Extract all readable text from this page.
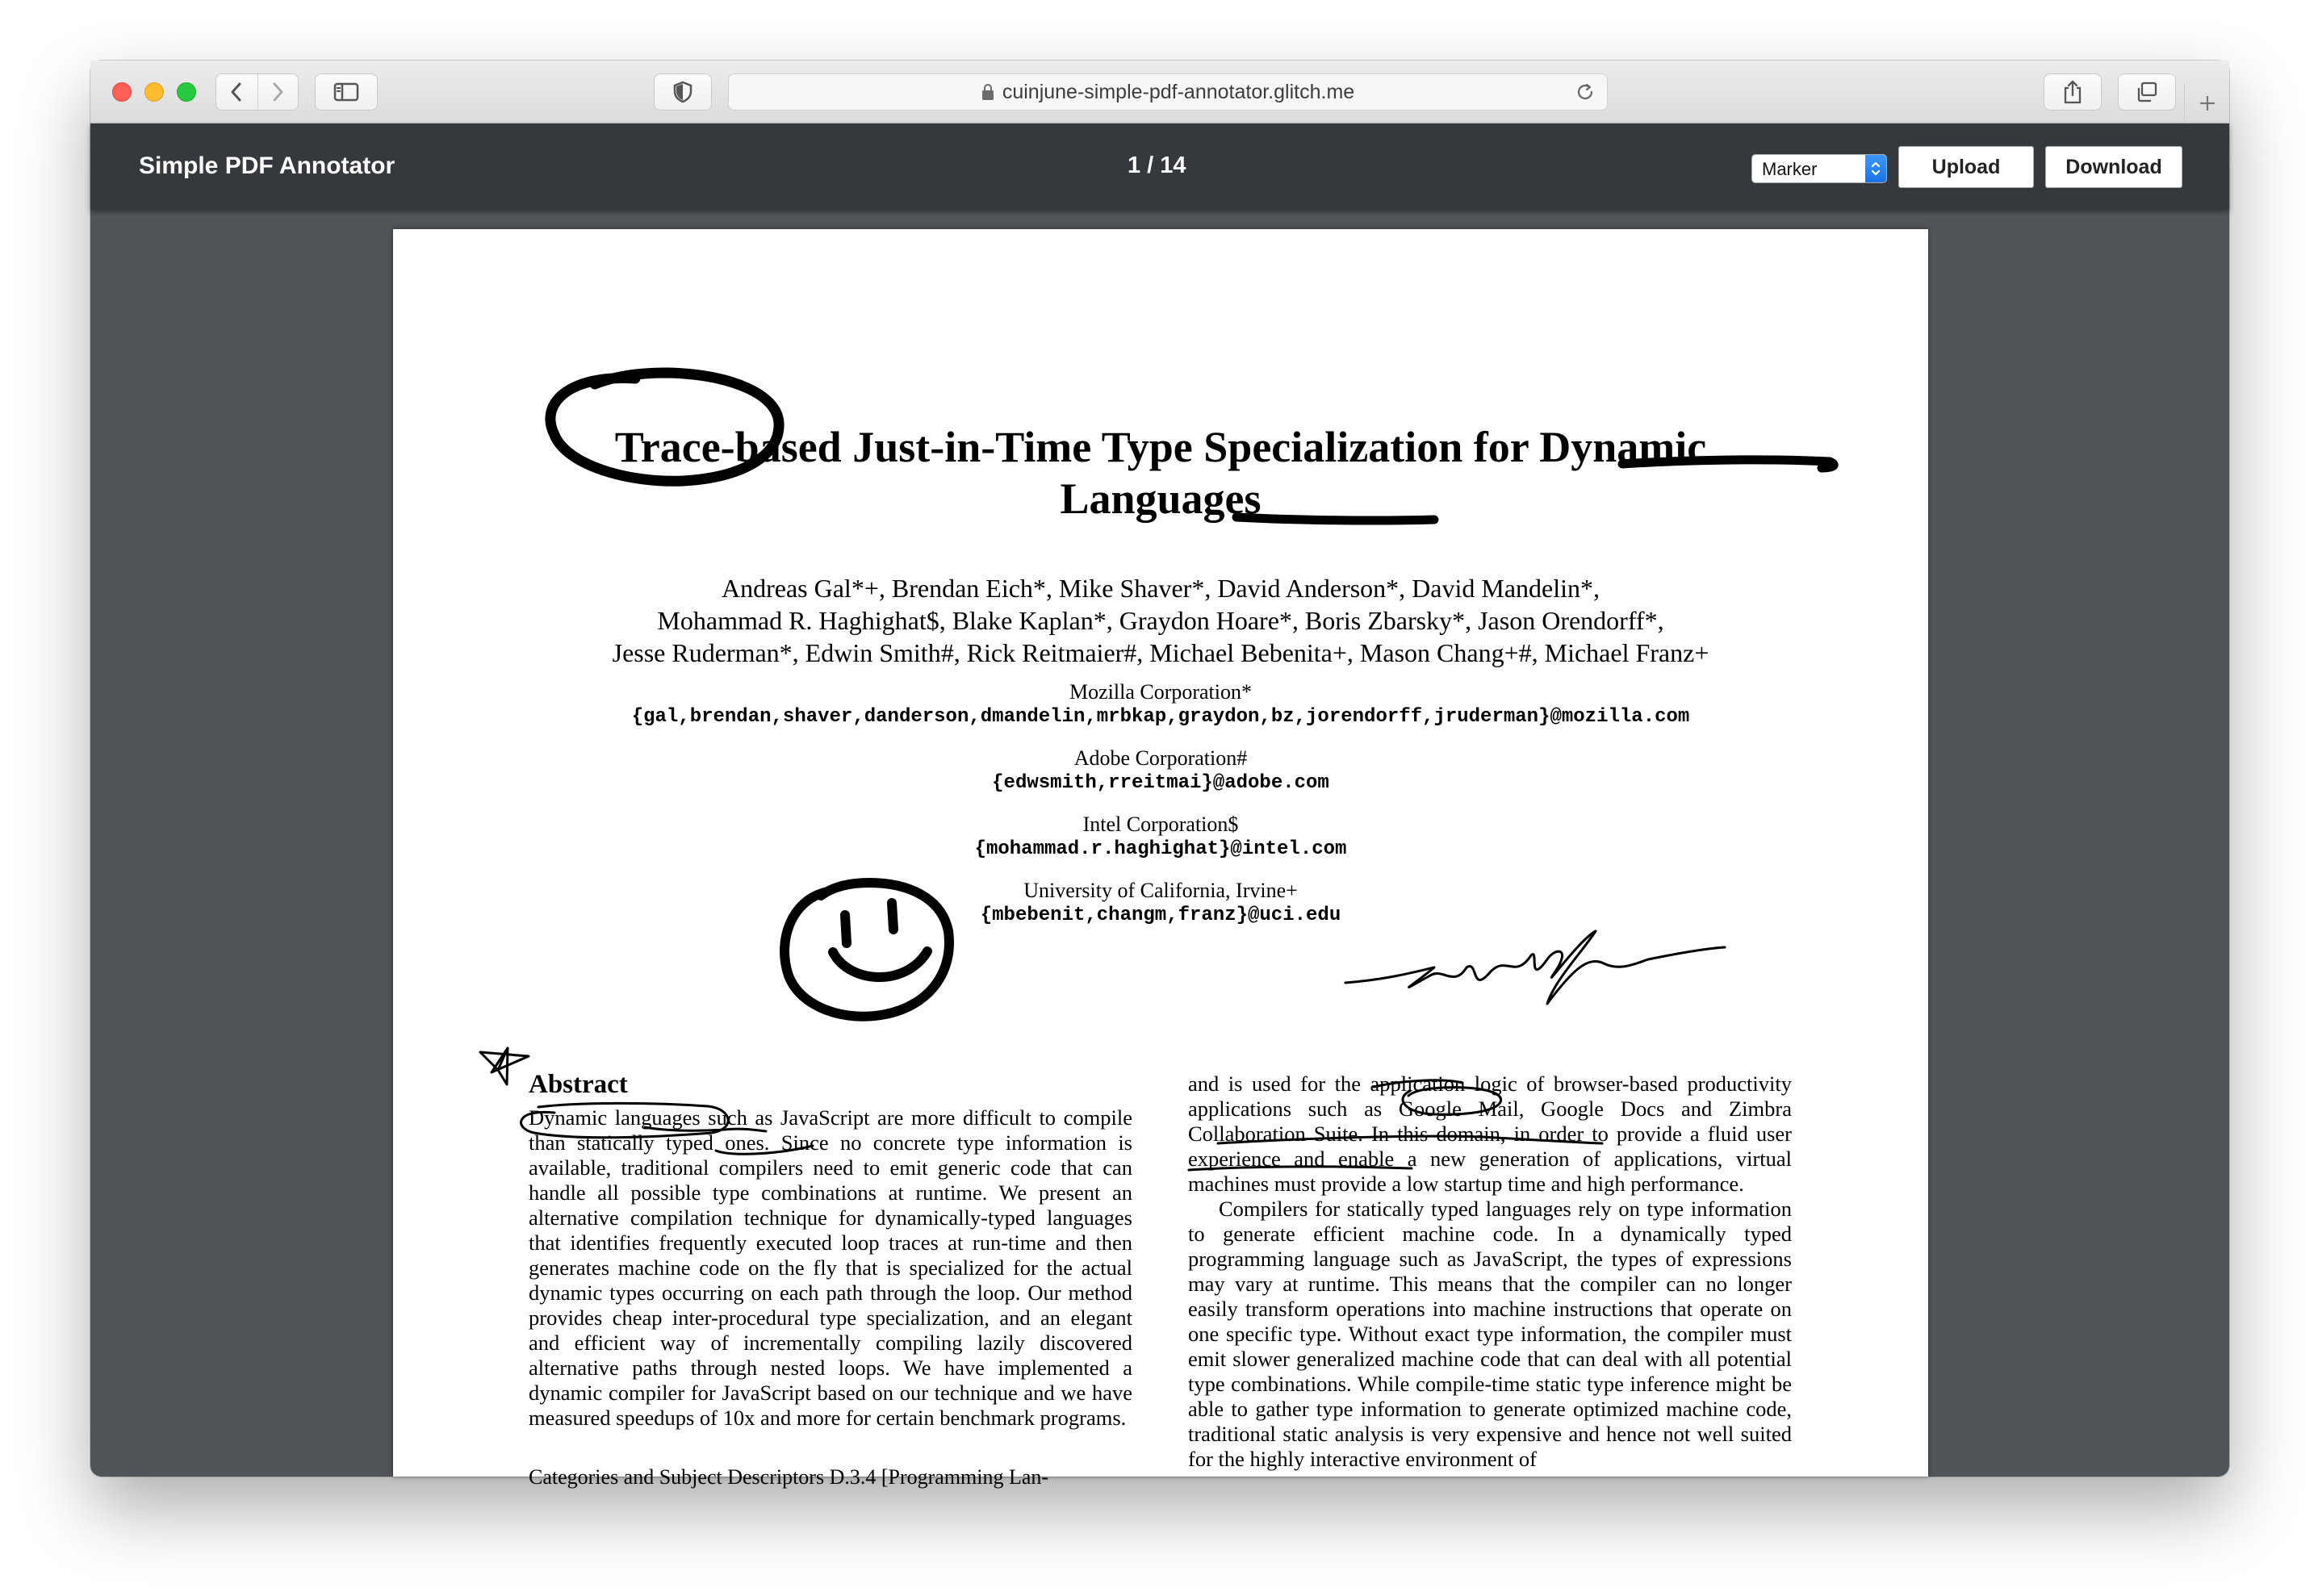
cuinjune-simple-pdf-annotator.glitch.me
Simple PDF Annotator	1 / 14	Marker	Upload	Download
Trace-based Just-in-Time Type Specialization for Dynamic
Languages
Andreas Gal*+, Brendan Eich*, Mike Shaver*, David Anderson*, David Mandelin*,
Mohammad R. Haghighat$, Blake Kaplan*, Graydon Hoare*, Boris Zbarsky*, Jason Orendorff*,
Jesse Ruderman*, Edwin Smith#, Rick Reitmaier#, Michael Bebenita+, Mason Chang+#, Michael Franz+
Mozilla Corporation*
{gal,brendan,shaver,danderson,dmandelin,mrbkap,graydon,bz,jorendorff,jruderman}@mozilla.com
Adobe Corporation#
{edwsmith,rreitmai}@adobe.com
Intel Corporation$
{mohammad.r.haghighat}@intel.com
University of California, Irvine+
{mbebenit,changm,franz}@uci.edu
Abstract

Dynamic languages such as JavaScript are more difficult to compile than statically typed ones. Since no concrete type information is available, traditional compilers need to emit generic code that can handle all possible type combinations at runtime. We present an alternative compilation technique for dynamically-typed languages that identifies frequently executed loop traces at run-time and then generates machine code on the fly that is specialized for the actual dynamic types occurring on each path through the loop. Our method provides cheap inter-procedural type specialization, and an elegant and efficient way of incrementally compiling lazily discovered alternative paths through nested loops. We have implemented a dynamic compiler for JavaScript based on our technique and we have measured speedups of 10x and more for certain benchmark programs.

Categories and Subject Descriptors D.3.4 [Programming Lan-

and is used for the application logic of browser-based productivity applications such as Google Mail, Google Docs and Zimbra Collaboration Suite. In this domain, in order to provide a fluid user experience and enable a new generation of applications, virtual machines must provide a low startup time and high performance.

Compilers for statically typed languages rely on type information to generate efficient machine code. In a dynamically typed programming language such as JavaScript, the types of expressions may vary at runtime. This means that the compiler can no longer easily transform operations into machine instructions that operate on one specific type. Without exact type information, the compiler must emit slower generalized machine code that can deal with all potential type combinations. While compile-time static type inference might be able to gather type information to generate optimized machine code, traditional static analysis is very expensive and hence not well suited for the highly interactive environment of
